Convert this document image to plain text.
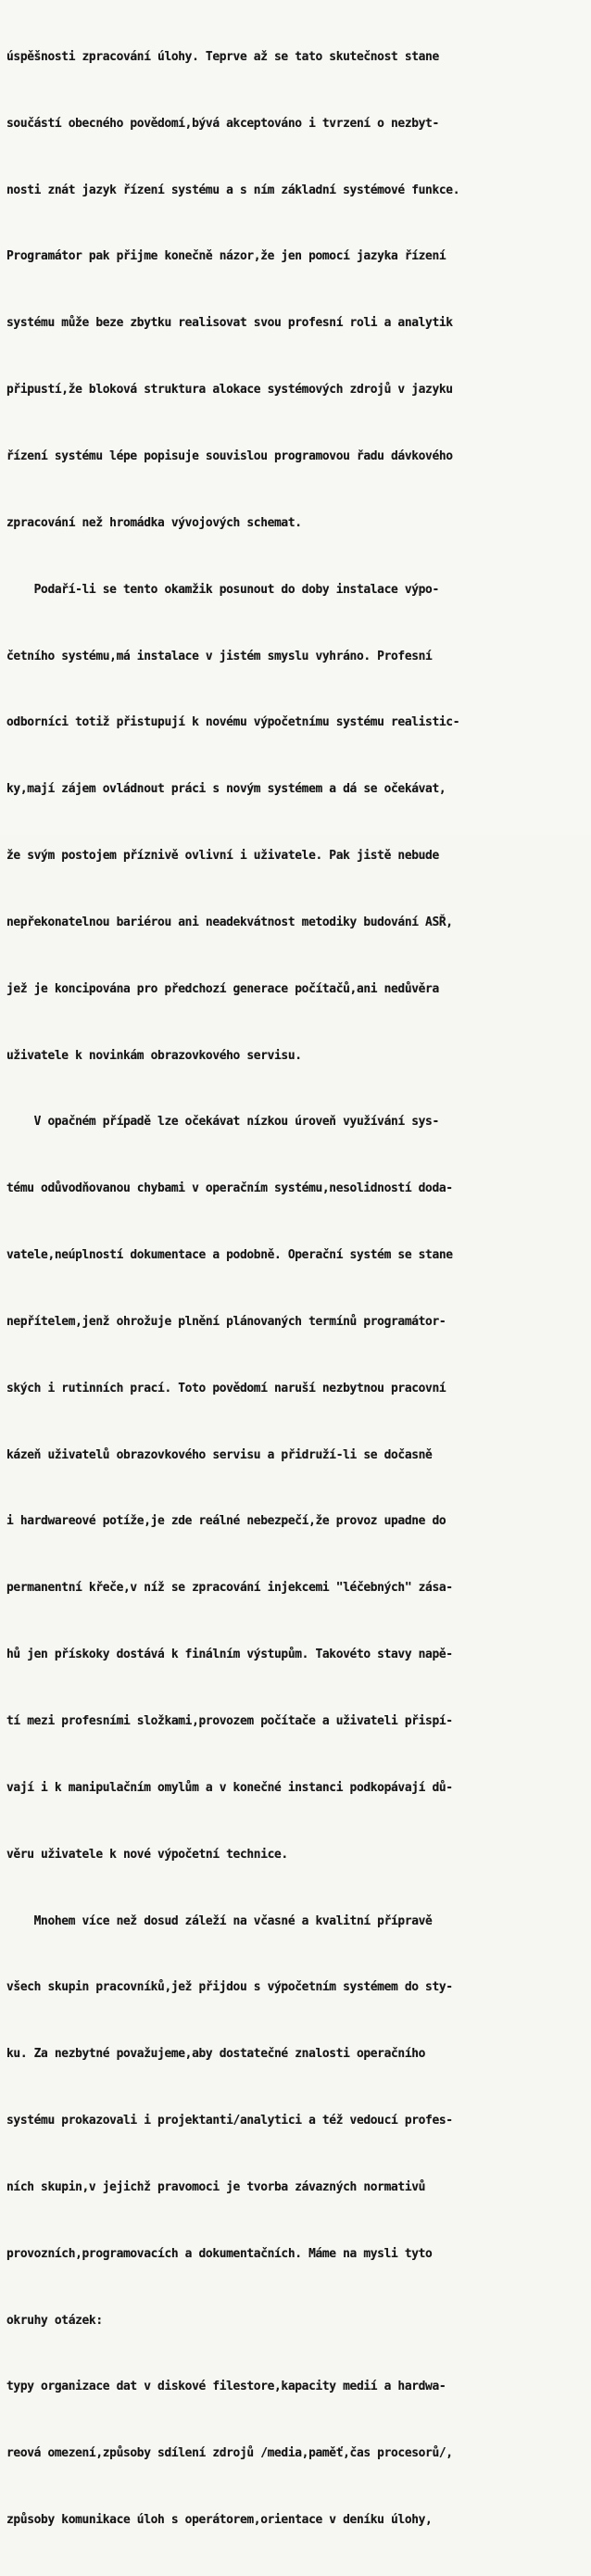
úspěšnosti zpracování úlohy. Teprve až se tato skutečnost stane

součástí obecného povědomí,bývá akceptováno i tvrzení o nezbyt-

nosti znát jazyk řízení systému a s ním základní systémové funkce.

Programátor pak přijme konečně názor,že jen pomocí jazyka řízení

systému může beze zbytku realisovat svou profesní roli a analytik

připustí,že bloková struktura alokace systémových zdrojů v jazyku

řízení systému lépe popisuje souvislou programovou řadu dávkového

zpracování než hromádka vývojových schemat.

Podaří-li se tento okamžik posunout do doby instalace výpo-

četního systému,má instalace v jistém smyslu vyhráno. Profesní

odborníci totiž přistupují k novému výpočetnímu systému realistic-

ky,mají zájem ovládnout práci s novým systémem a dá se očekávat,

že svým postojem příznivě ovlivní i uživatele. Pak jistě nebude

nepřekonatelnou bariérou ani neadekvátnost metodiky budování ASŘ,

jež je koncipována pro předchozí generace počítačů,ani nedůvěra

uživatele k novinkám obrazovkového servisu.

V opačném případě lze očekávat nízkou úroveň využívání sys-

tému odůvodňovanou chybami v operačním systému,nesolidností doda-

vatele,neúplností dokumentace a podobně. Operační systém se stane

nepřítelem,jenž ohrožuje plnění plánovaných termínů programátor-

ských i rutinních prací. Toto povědomí naruší nezbytnou pracovní

kázeň uživatelů obrazovkového servisu a přidruží-li se dočasně

i hardwareové potíže,je zde reálné nebezpečí,že provoz upadne do

permanentní křeče,v níž se zpracování injekcemi "léčebných" zása-

hů jen přískoky dostává k finálním výstupům. Takovéto stavy napě-

tí mezi profesními složkami,provozem počítače a uživateli přispí-

vají i k manipulačním omylům a v konečné instanci podkopávají dů-

věru uživatele k nové výpočetní technice.

Mnohem více než dosud záleží na včasné a kvalitní přípravě

všech skupin pracovníků,jež přijdou s výpočetním systémem do sty-

ku. Za nezbytné považujeme,aby dostatečné znalosti operačního

systému prokazovali i projektanti/analytici a též vedoucí profes-

ních skupin,v jejichž pravomoci je tvorba závazných normativů

provozních,programovacích a dokumentačních. Máme na mysli tyto

okruhy otázek:

typy organizace dat v diskové filestore,kapacity medií a hardwa-

reová omezení,způsoby sdílení zdrojů /media,paměť,čas procesorů/,

způsoby komunikace úloh s operátorem,orientace v deníku úlohy,
